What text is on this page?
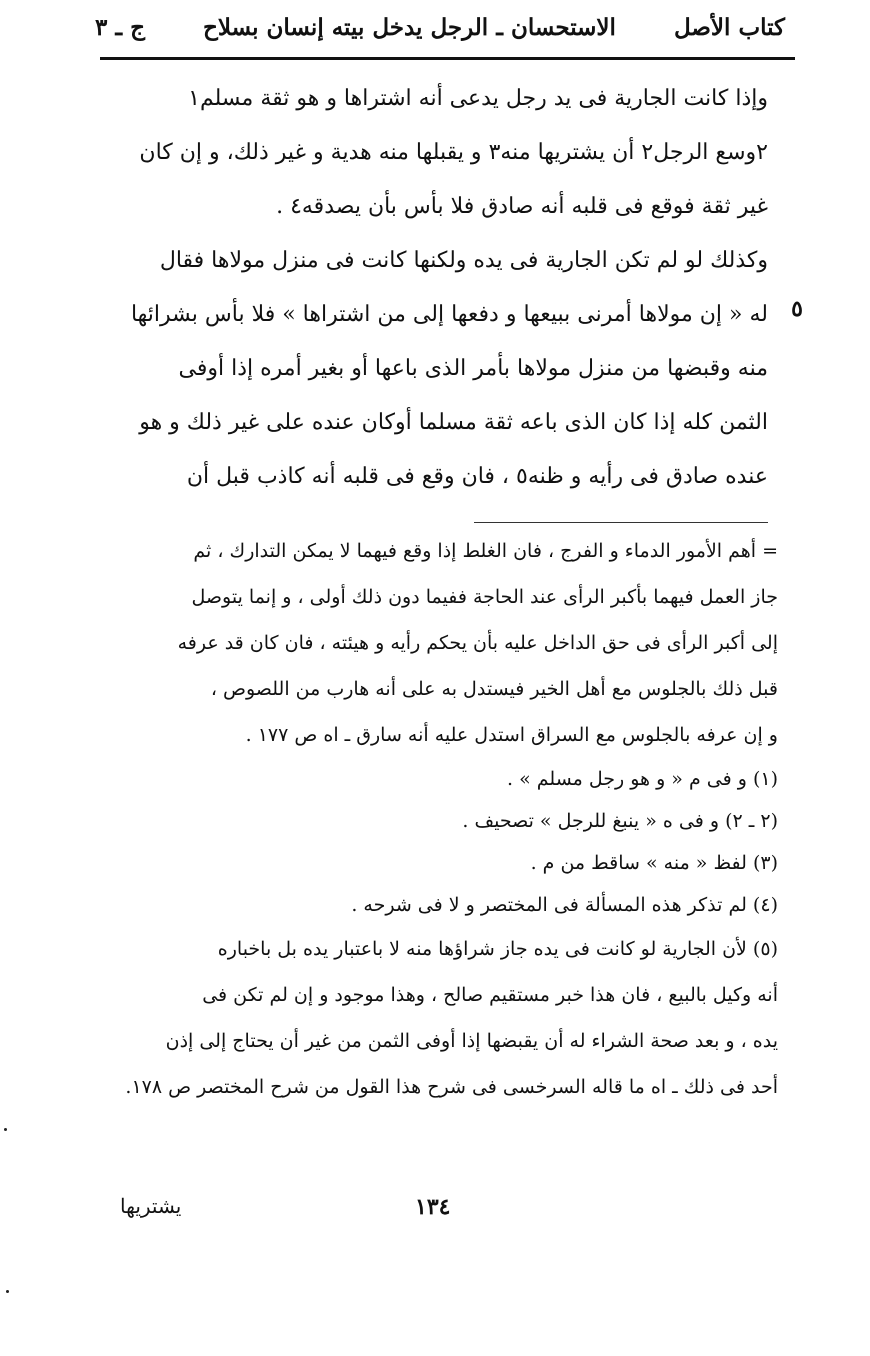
كتاب الأصل
الاستحسان ـ الرجل يدخل بيته إنسان بسلاح
ج ـ ٣
٥

وإذا كانت الجارية فى يد رجل يدعى أنه اشتراها و هو ثقة مسلم١

٢وسع الرجل٢ أن يشتريها منه٣ و يقبلها منه هدية و غير ذلك، و إن كان

غير ثقة فوقع فى قلبه أنه صادق فلا بأس بأن يصدقه٤ .

وكذلك لو لم تكن الجارية فى يده ولكنها كانت فى منزل مولاها فقال

له « إن مولاها أمرنى ببيعها و دفعها إلى من اشتراها » فلا بأس بشرائها

منه وقبضها من منزل مولاها بأمر الذى باعها أو بغير أمره إذا أوفى

الثمن كله إذا كان الذى باعه ثقة مسلما أوكان عنده على غير ذلك و هو

عنده صادق فى رأيه و ظنه٥ ، فان وقع فى قلبه أنه كاذب قبل أن

= أهم الأمور الدماء و الفرج ، فان الغلط إذا وقع فيهما لا يمكن التدارك ، ثم

جاز العمل فيهما بأكبر الرأى عند الحاجة ففيما دون ذلك أولى ، و إنما يتوصل

إلى أكبر الرأى فى حق الداخل عليه بأن يحكم رأيه و هيئته ، فان كان قد عرفه

قبل ذلك بالجلوس مع أهل الخير فيستدل به على أنه هارب من اللصوص ،

و إن عرفه بالجلوس مع السراق استدل عليه أنه سارق ـ اه ص ١٧٧ .

(١) و فى م « و هو رجل مسلم » .

(٢ ـ ٢) و فى ه « ينبغ للرجل » تصحيف .

(٣) لفظ « منه » ساقط من م .

(٤) لم تذكر هذه المسألة فى المختصر و لا فى شرحه .

(٥) لأن الجارية لو كانت فى يده جاز شراؤها منه لا باعتبار يده بل باخباره

أنه وكيل بالبيع ، فان هذا خبر مستقيم صالح ، وهذا موجود و إن لم تكن فى

يده ، و بعد صحة الشراء له أن يقبضها إذا أوفى الثمن من غير أن يحتاج إلى إذن

أحد فى ذلك ـ اه ما قاله السرخسى فى شرح هذا القول من شرح المختصر ص ١٧٨.

١٣٤
يشتريها
